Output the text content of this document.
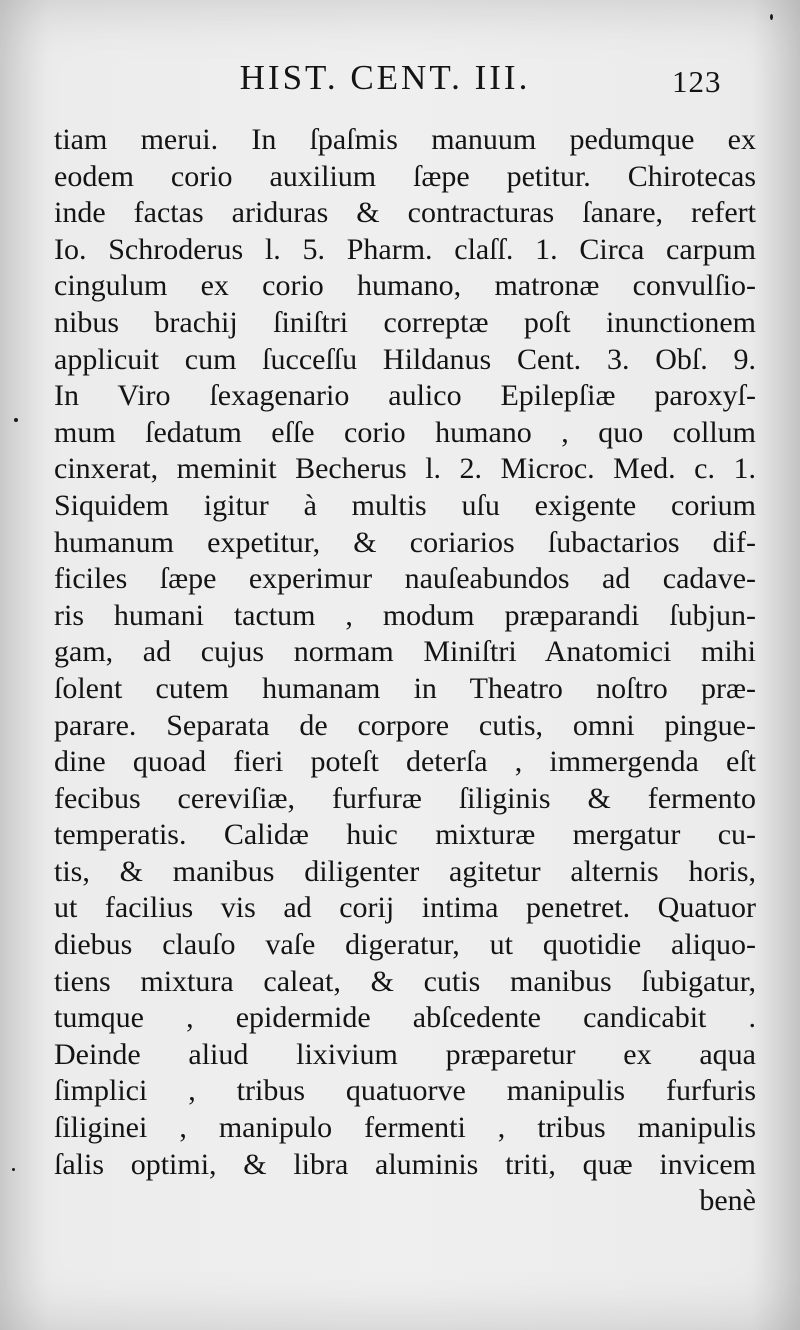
HIST. CENT. III.	123
tiam merui. In ſpaſmis manuum pedumque ex
eodem corio auxilium ſæpe petitur. Chirotecas
inde factas ariduras & contracturas ſanare, refert
Io. Schroderus l. 5. Pharm. claſſ. 1. Circa carpum
cingulum ex corio humano, matronæ convulſio-
nibus brachij ſiniſtri correptæ poſt inunctionem
applicuit cum ſucceſſu Hildanus Cent. 3. Obſ. 9.
In Viro ſexagenario aulico Epilepſiæ paroxyſ-
mum ſedatum eſſe corio humano , quo collum
cinxerat, meminit Becherus l. 2. Microc. Med. c. 1.
Siquidem igitur à multis uſu exigente corium
humanum expetitur, & coriarios ſubactarios dif-
ficiles ſæpe experimur nauſeabundos ad cadave-
ris humani tactum , modum præparandi ſubjun-
gam, ad cujus normam Miniſtri Anatomici mihi
ſolent cutem humanam in Theatro noſtro præ-
parare. Separata de corpore cutis, omni pingue-
dine quoad fieri poteſt deterſa , immergenda eſt
fecibus cereviſiæ, furfuræ ſiliginis & fermento
temperatis. Calidæ huic mixturæ mergatur cu-
tis, & manibus diligenter agitetur alternis horis,
ut facilius vis ad corij intima penetret. Quatuor
diebus clauſo vaſe digeratur, ut quotidie aliquo-
tiens mixtura caleat, & cutis manibus ſubigatur,
tumque , epidermide abſcedente candicabit .
Deinde aliud lixivium præparetur ex aqua
ſimplici , tribus quatuorve manipulis furfuris
ſiliginei , manipulo fermenti , tribus manipulis
ſalis optimi, & libra aluminis triti, quæ invicem
benè
